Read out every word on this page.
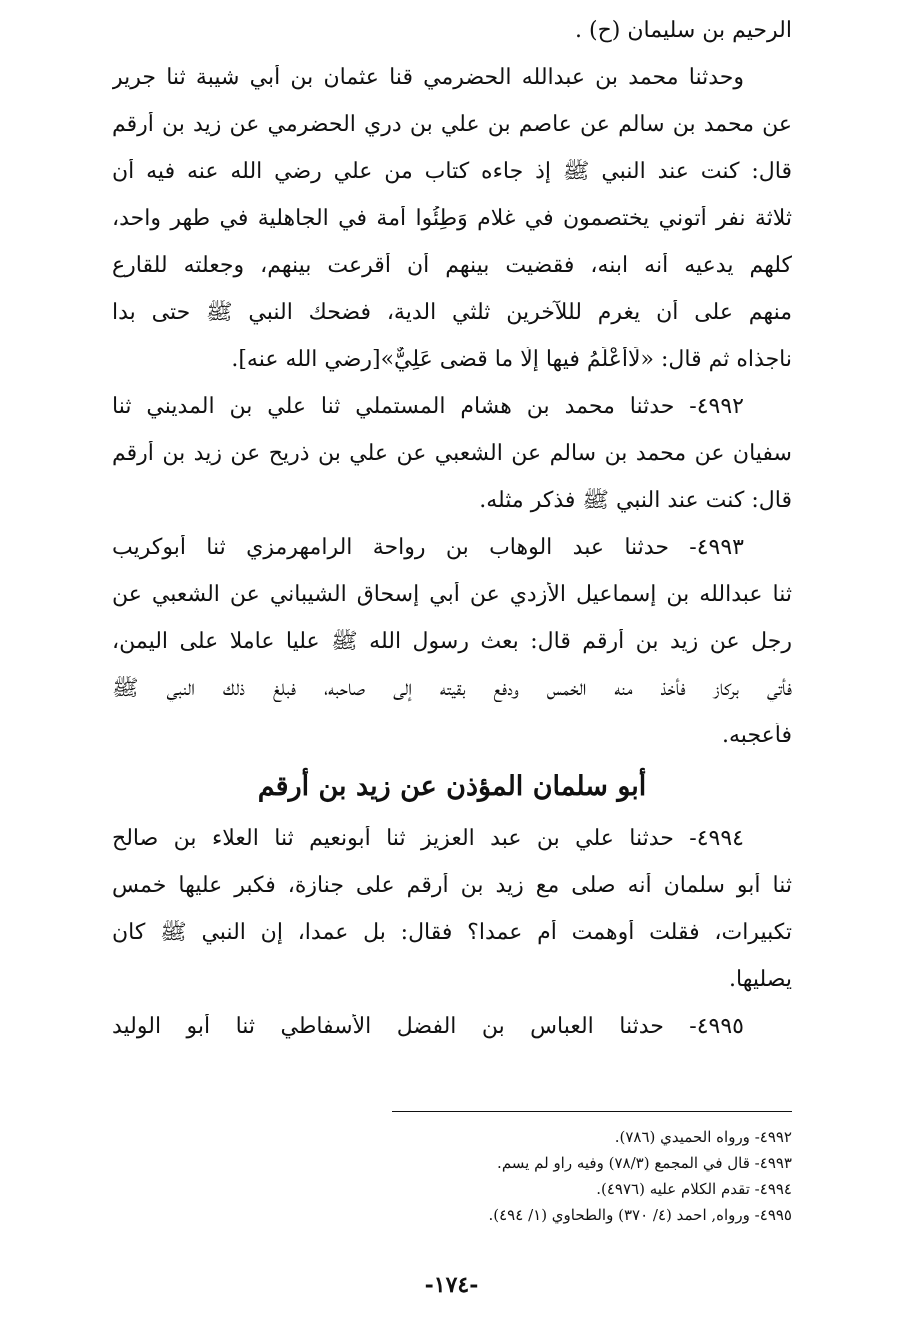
الرحيم بن سليمان (ح) .
وحدثنا محمد بن عبدالله الحضرمي قنا عثمان بن أبي شيبة ثنا جرير
عن محمد بن سالم عن عاصم بن علي بن دري الحضرمي عن زيد بن أرقم
قال: كنت عند النبي ﷺ إذ جاءه كتاب من علي رضي الله عنه فيه أن
ثلاثة نفر أتوني يختصمون في غلام وَطِئُوا أمة في الجاهلية في طهر واحد،
كلهم يدعيه أنه ابنه، فقضيت بينهم أن أقرعت بينهم، وجعلته للقارع
منهم على أن يغرم لللآخرين ثلثي الدية، فضحك النبي ﷺ حتى بدا
ناجذاه ثم قال: «لَاأَعْلَمُ فيها إلَّا ما قضى عَلِيٌّ»[رضي الله عنه].
٤٩٩٢- حدثنا محمد بن هشام المستملي ثنا علي بن المديني ثنا
سفيان عن محمد بن سالم عن الشعبي عن علي بن ذريح عن زيد بن أرقم
قال: كنت عند النبي ﷺ فذكر مثله.
٤٩٩٣- حدثنا عبد الوهاب بن رواحة الرامهرمزي ثنا أبوكريب
ثنا عبدالله بن إسماعيل الأزدي عن أبي إسحاق الشيباني عن الشعبي عن
رجل عن زيد بن أرقم قال: بعث رسول الله ﷺ عليا عاملا على اليمن،
فأتي بركاز فأخذ منه الخمس ودفع بقيته إلى صاحبه، فبلغ ذلك النبي ﷺ
فأعجبه.
أبو سلمان المؤذن عن زيد بن أرقم
٤٩٩٤- حدثنا علي بن عبد العزيز ثنا أبونعيم ثنا العلاء بن صالح
ثنا أبو سلمان أنه صلى مع زيد بن أرقم على جنازة، فكبر عليها خمس
تكبيرات، فقلت أوهمت أم عمدا؟ فقال: بل عمدا، إن النبي ﷺ كان
يصليها.
٤٩٩٥- حدثنا العباس بن الفضل الأسفاطي ثنا أبو الوليد
٤٩٩٢- ورواه الحميدي (٧٨٦).
٤٩٩٣- قال في المجمع (٧٨/٣) وفيه راو لم يسم.
٤٩٩٤- تقدم الكلام عليه (٤٩٧٦).
٤٩٩٥- ورواه, احمد (٤/ ٣٧٠) والطحاوي (١/ ٤٩٤).
-١٧٤-
